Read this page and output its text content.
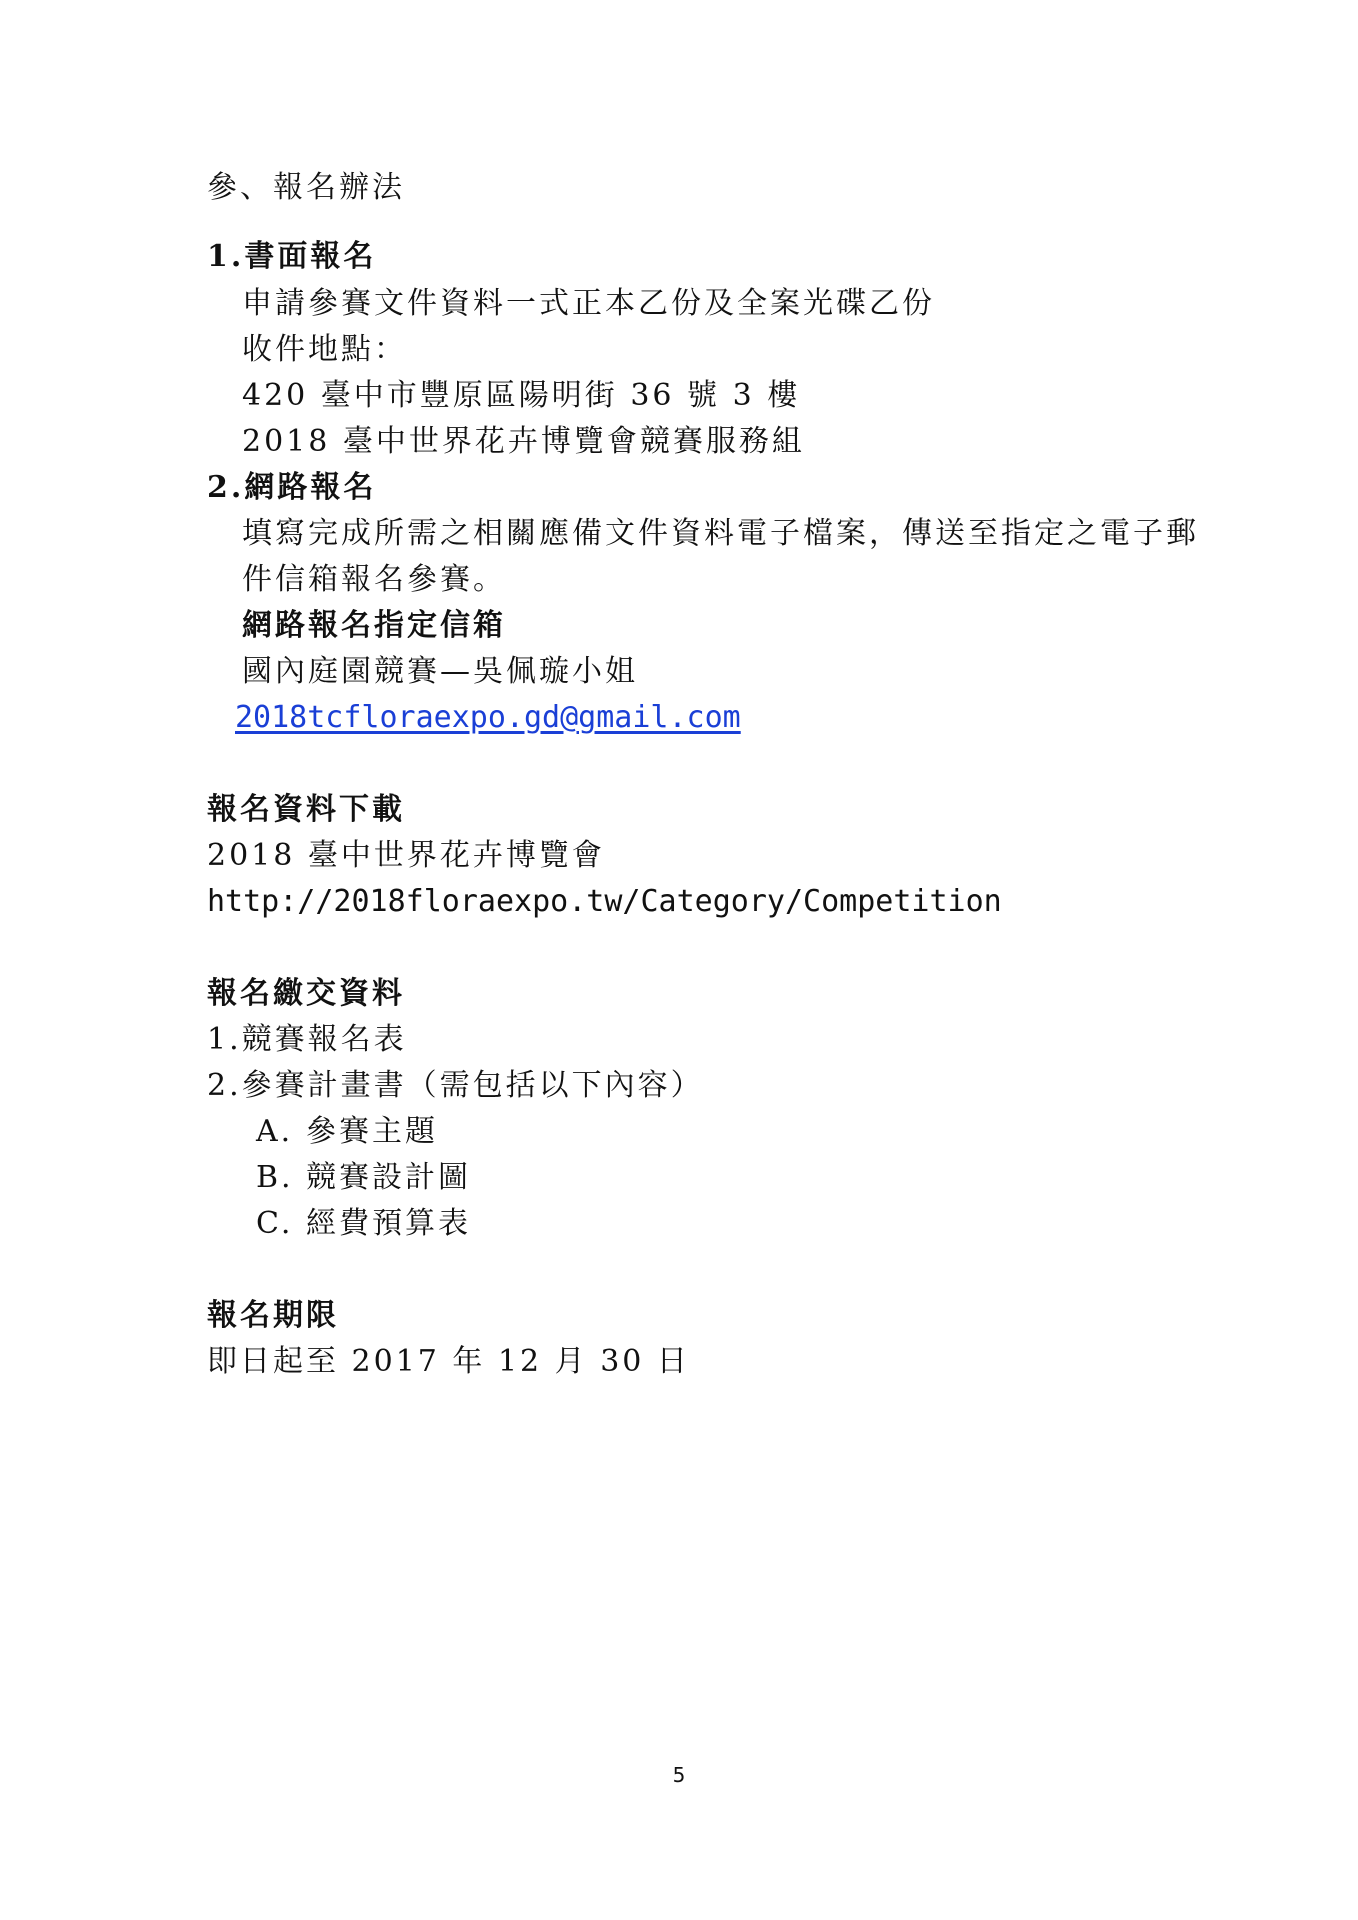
參、報名辦法
1.書面報名
申請參賽文件資料一式正本乙份及全案光碟乙份
收件地點：
420 臺中市豐原區陽明街 36 號 3 樓
2018 臺中世界花卉博覽會競賽服務組
2.網路報名
填寫完成所需之相關應備文件資料電子檔案，傳送至指定之電子郵
件信箱報名參賽。
網路報名指定信箱
國內庭園競賽—吳佩璇小姐
2018tcfloraexpo.gd@gmail.com
報名資料下載
2018 臺中世界花卉博覽會
http://2018floraexpo.tw/Category/Competition
報名繳交資料
1.競賽報名表
2.參賽計畫書（需包括以下內容）
A. 參賽主題
B. 競賽設計圖
C. 經費預算表
報名期限
即日起至 2017 年 12 月 30 日
5
